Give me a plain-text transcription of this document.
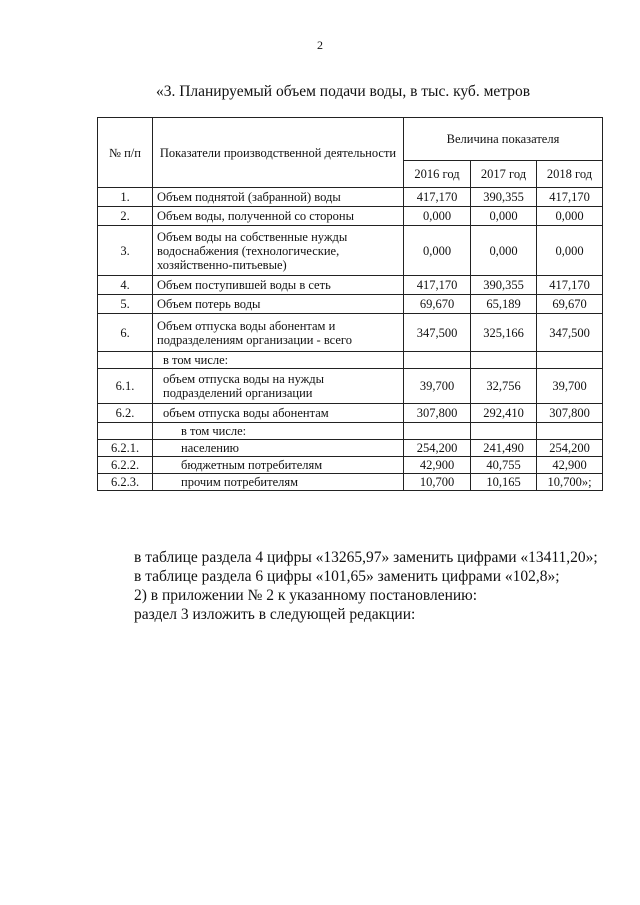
2
«3. Планируемый объем подачи воды, в тыс. куб. метров
№ п/п	Показатели производственной деятельности	Величина показателя		
		2016 год	2017 год	2018 год
1.	Объем поднятой (забранной) воды	417,170	390,355	417,170
2.	Объем воды, полученной со стороны	0,000	0,000	0,000
3.	Объем воды на собственные нужды водоснабжения (технологические, хозяйственно-питьевые)	0,000	0,000	0,000
4.	Объем поступившей воды в сеть	417,170	390,355	417,170
5.	Объем потерь воды	69,670	65,189	69,670
6.	Объем отпуска воды абонентам и подразделениям организации - всего	347,500	325,166	347,500
	в том числе:			
6.1.	объем отпуска воды на нужды подразделений организации	39,700	32,756	39,700
6.2.	объем отпуска воды абонентам	307,800	292,410	307,800
	в том числе:			
6.2.1.	населению	254,200	241,490	254,200
6.2.2.	бюджетным потребителям	42,900	40,755	42,900
6.2.3.	прочим потребителям	10,700	10,165	10,700»;

в таблице раздела 4 цифры «13265,97» заменить цифрами «13411,20»;

в таблице раздела 6 цифры «101,65» заменить цифрами «102,8»;

2) в приложении № 2 к указанному постановлению:

раздел 3 изложить в следующей редакции:
